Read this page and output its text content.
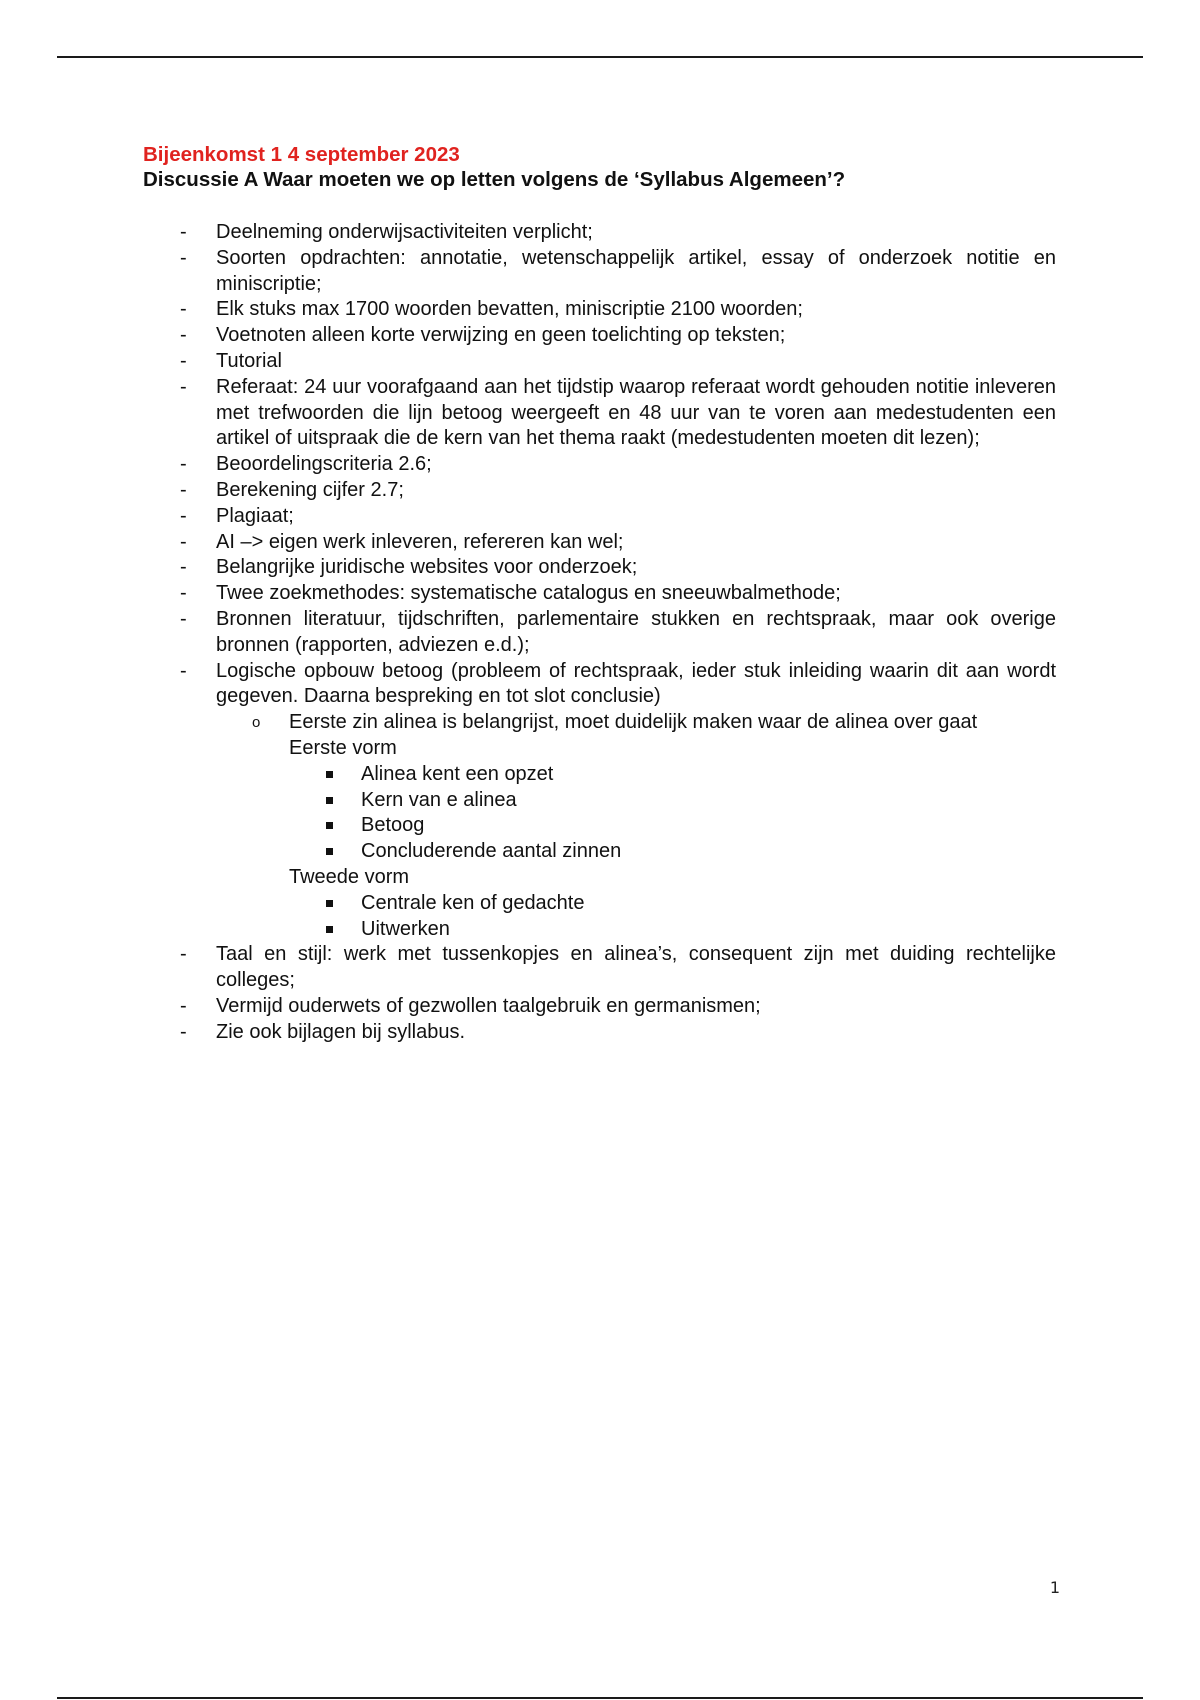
Bijeenkomst 1 4 september 2023
Discussie A Waar moeten we op letten volgens de ‘Syllabus Algemeen’?
- Deelneming onderwijsactiviteiten verplicht;
- Soorten opdrachten: annotatie, wetenschappelijk artikel, essay of onderzoek notitie en miniscriptie;
- Elk stuks max 1700 woorden bevatten, miniscriptie 2100 woorden;
- Voetnoten alleen korte verwijzing en geen toelichting op teksten;
- Tutorial
- Referaat: 24 uur voorafgaand aan het tijdstip waarop referaat wordt gehouden notitie inleveren met trefwoorden die lijn betoog weergeeft en 48 uur van te voren aan medestudenten een artikel of uitspraak die de kern van het thema raakt (medestudenten moeten dit lezen);
- Beoordelingscriteria 2.6;
- Berekening cijfer 2.7;
- Plagiaat;
- AI –> eigen werk inleveren, refereren kan wel;
- Belangrijke juridische websites voor onderzoek;
- Twee zoekmethodes: systematische catalogus en sneeuwbalmethode;
- Bronnen literatuur, tijdschriften, parlementaire stukken en rechtspraak, maar ook overige bronnen (rapporten, adviezen e.d.);
- Logische opbouw betoog (probleem of rechtspraak, ieder stuk inleiding waarin dit aan wordt gegeven. Daarna bespreking en tot slot conclusie)
o Eerste zin alinea is belangrijst, moet duidelijk maken waar de alinea over gaat
Eerste vorm
Alinea kent een opzet
Kern van e alinea
Betoog
Concluderende aantal zinnen
Tweede vorm
Centrale ken of gedachte
Uitwerken
- Taal en stijl: werk met tussenkopjes en alinea’s, consequent zijn met duiding rechtelijke colleges;
- Vermijd ouderwets of gezwollen taalgebruik en germanismen;
- Zie ook bijlagen bij syllabus.
1
